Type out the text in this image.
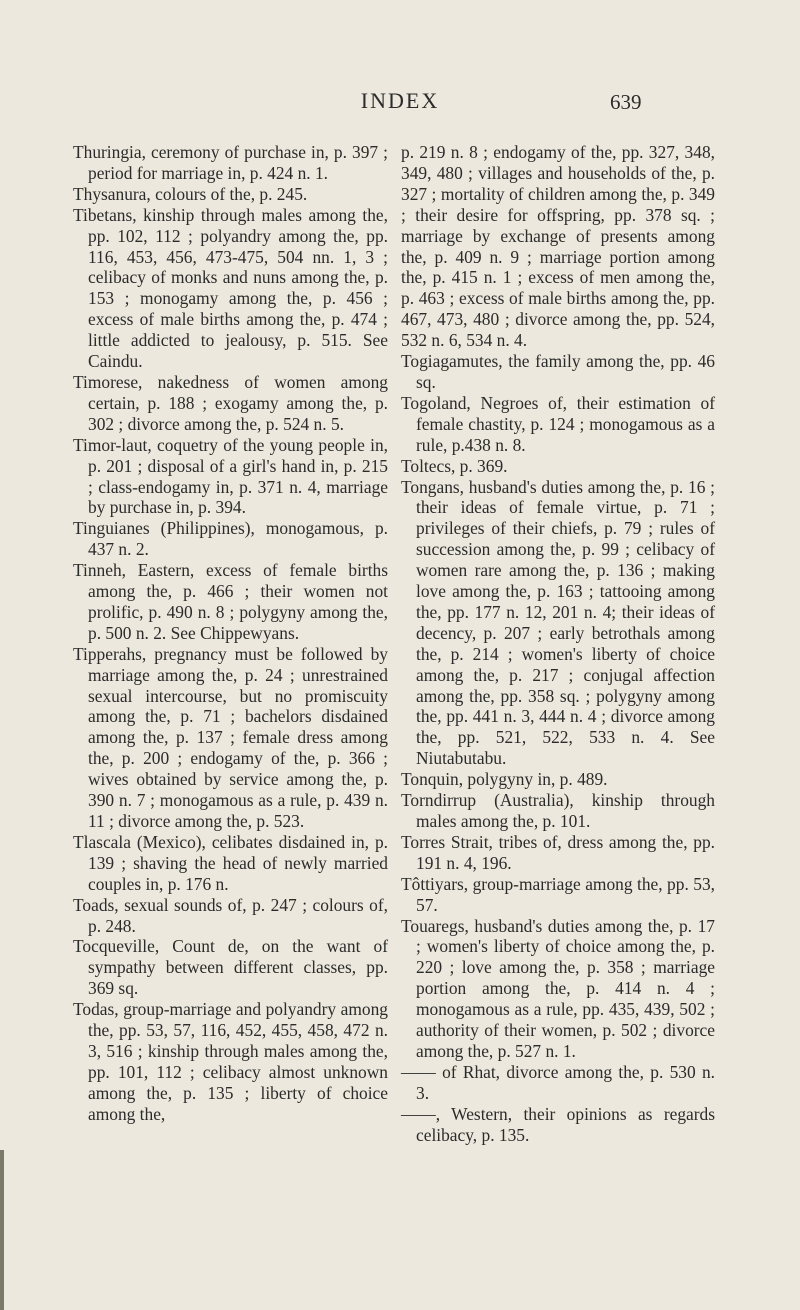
INDEX	639

Thuringia, ceremony of purchase in, p. 397 ; period for marriage in, p. 424 n. 1.

Thysanura, colours of the, p. 245.

Tibetans, kinship through males among the, pp. 102, 112 ; polyandry among the, pp. 116, 453, 456, 473-475, 504 nn. 1, 3 ; celibacy of monks and nuns among the, p. 153 ; monogamy among the, p. 456 ; excess of male births among the, p. 474 ; little addicted to jealousy, p. 515. See Caindu.

Timorese, nakedness of women among certain, p. 188 ; exogamy among the, p. 302 ; divorce among the, p. 524 n. 5.

Timor-laut, coquetry of the young people in, p. 201 ; disposal of a girl's hand in, p. 215 ; class-endogamy in, p. 371 n. 4, marriage by purchase in, p. 394.

Tinguianes (Philippines), monogamous, p. 437 n. 2.

Tinneh, Eastern, excess of female births among the, p. 466 ; their women not prolific, p. 490 n. 8 ; polygyny among the, p. 500 n. 2. See Chippewyans.

Tipperahs, pregnancy must be followed by marriage among the, p. 24 ; unrestrained sexual intercourse, but no promiscuity among the, p. 71 ; bachelors disdained among the, p. 137 ; female dress among the, p. 200 ; endogamy of the, p. 366 ; wives obtained by service among the, p. 390 n. 7 ; monogamous as a rule, p. 439 n. 11 ; divorce among the, p. 523.

Tlascala (Mexico), celibates disdained in, p. 139 ; shaving the head of newly married couples in, p. 176 n.

Toads, sexual sounds of, p. 247 ; colours of, p. 248.

Tocqueville, Count de, on the want of sympathy between different classes, pp. 369 sq.

Todas, group-marriage and polyandry among the, pp. 53, 57, 116, 452, 455, 458, 472 n. 3, 516 ; kinship through males among the, pp. 101, 112 ; celibacy almost unknown among the, p. 135 ; liberty of choice among the,

p. 219 n. 8 ; endogamy of the, pp. 327, 348, 349, 480 ; villages and households of the, p. 327 ; mortality of children among the, p. 349 ; their desire for offspring, pp. 378 sq. ; marriage by exchange of presents among the, p. 409 n. 9 ; marriage portion among the, p. 415 n. 1 ; excess of men among the, p. 463 ; excess of male births among the, pp. 467, 473, 480 ; divorce among the, pp. 524, 532 n. 6, 534 n. 4.

Togiagamutes, the family among the, pp. 46 sq.

Togoland, Negroes of, their estimation of female chastity, p. 124 ; monogamous as a rule, p.438 n. 8.

Toltecs, p. 369.

Tongans, husband's duties among the, p. 16 ; their ideas of female virtue, p. 71 ; privileges of their chiefs, p. 79 ; rules of succession among the, p. 99 ; celibacy of women rare among the, p. 136 ; making love among the, p. 163 ; tattooing among the, pp. 177 n. 12, 201 n. 4; their ideas of decency, p. 207 ; early betrothals among the, p. 214 ; women's liberty of choice among the, p. 217 ; conjugal affection among the, pp. 358 sq. ; polygyny among the, pp. 441 n. 3, 444 n. 4 ; divorce among the, pp. 521, 522, 533 n. 4. See Niutabutabu.

Tonquin, polygyny in, p. 489.

Torndirrup (Australia), kinship through males among the, p. 101.

Torres Strait, tribes of, dress among the, pp. 191 n. 4, 196.

Tôttiyars, group-marriage among the, pp. 53, 57.

Touaregs, husband's duties among the, p. 17 ; women's liberty of choice among the, p. 220 ; love among the, p. 358 ; marriage portion among the, p. 414 n. 4 ; monogamous as a rule, pp. 435, 439, 502 ; authority of their women, p. 502 ; divorce among the, p. 527 n. 1.

—— of Rhat, divorce among the, p. 530 n. 3.

——, Western, their opinions as regards celibacy, p. 135.
